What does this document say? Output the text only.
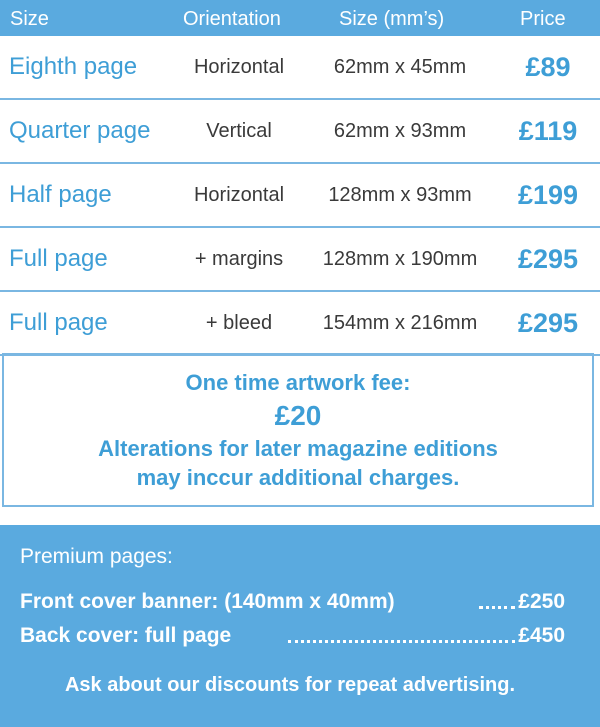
Size	Orientation	Size (mm’s)	Price
Eighth page	Horizontal	62mm x 45mm	£89
Quarter page	Vertical	62mm x 93mm	£119
Half page	Horizontal	128mm x 93mm	£199
Full page	+ margins	128mm x 190mm	£295
Full page	+ bleed	154mm x 216mm	£295
One time artwork fee:
£20
Alterations for later magazine editions
may inccur additional charges.
Premium pages:
Front cover banner: (140mm x 40mm)	£250
Back cover: full page	£450
Ask about our discounts for repeat advertising.
